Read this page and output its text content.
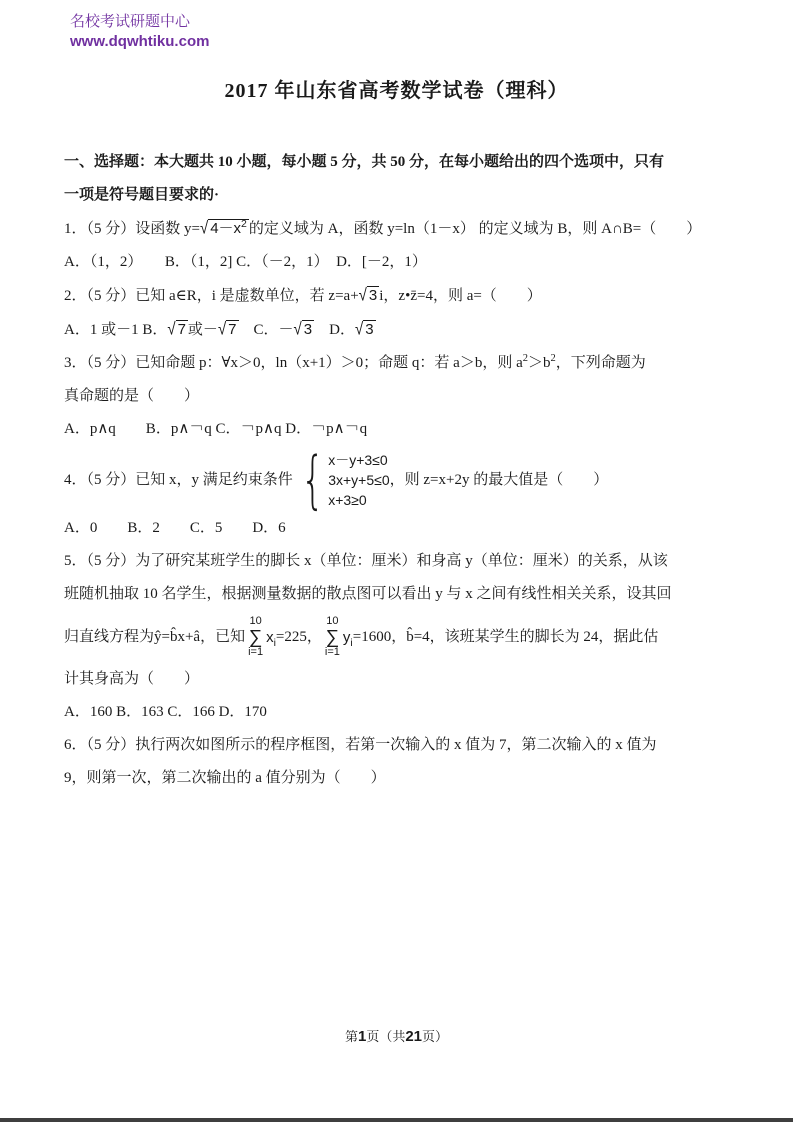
名校考试研题中心
www.dqwhtiku.com
2017 年山东省高考数学试卷（理科）
一、选择题：本大题共 10 小题，每小题 5 分，共 50 分，在每小题给出的四个选项中，只有
一项是符号题目要求的·
1．（5 分）设函数 y=√ $4-x^2$ 的定义域为 A，函数 y=ln（1－x） 的定义域为 B，则 A∩B=（　　）
A．（1，2）　　B．（1，2] C．（－2，1）　D．[－2，1）
2．（5 分）已知 a∈R，i 是虚数单位，若 z=a+√ 3 i，z•z̄=4，则 a=（　　）
A．1 或－1 B．√ 7 或－√ 7　C．－√ 3　D．√ 3
3．（5 分）已知命题 p：∀x＞0，ln（x+1）＞0；命题 q：若 a＞b，则 $a^2>b^2$，下列命题为
真命题的是（　　）
A．p∧q　　B．p∧￢q C．￢p∧q D．￢p∧￢q
4．（5 分）已知 x，y 满足约束条件 { x－y+3≤0
3x+y+5≤0
x+3≥0
，则 z=x+2y 的最大值是（　　）
A．0　　B．2　　C．5　　D．6
5．（5 分）为了研究某班学生的脚长 x（单位：厘米）和身高 y（单位：厘米）的关系，从该
班随机抽取 10 名学生，根据测量数据的散点图可以看出 y 与 x 之间有线性相关关系，设其回
归直线方程为ŷ=b̂x+â，已知
10
∑
i=1
$x_i =225$，
10
∑
i=1
$y_i =1600$，b̂=4，该班某学生的脚长为 24，据此估
计其身高为（　　）
A．160 B．163 C．166 D．170
6．（5 分）执行两次如图所示的程序框图，若第一次输入的 x 值为 7，第二次输入的 x 值为
9，则第一次，第二次输出的 a 值分别为（　　）
第1页（共21页）
